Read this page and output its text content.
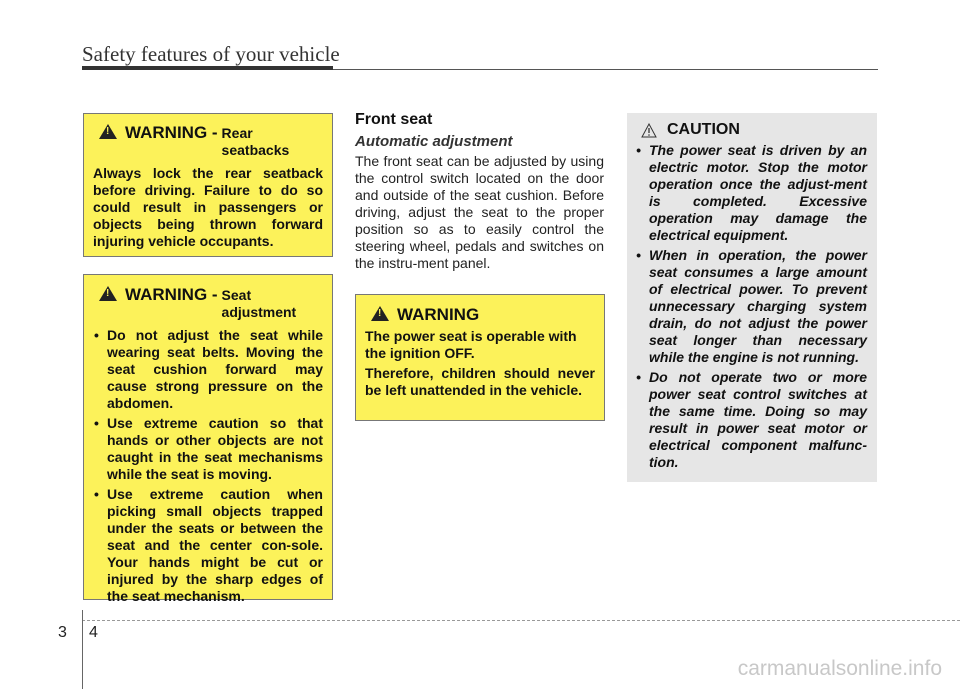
Safety features of your vehicle
!
WARNING - Rear
seatbacks
Always lock the rear seatback before driving. Failure to do so could result in passengers or objects being thrown forward injuring vehicle occupants.
!
WARNING - Seat
adjustment
• Do not adjust the seat while wearing seat belts. Moving the seat cushion forward may cause strong pressure on the abdomen.
• Use extreme caution so that hands or other objects are not caught in the seat mechanisms while the seat is moving.
• Use extreme caution when picking small objects trapped under the seats or between the seat and the center con-sole. Your hands might be cut or injured by the sharp edges of the seat mechanism.
Front seat
Automatic adjustment
The front seat can be adjusted by using the control switch located on the door and outside of the seat cushion. Before driving, adjust the seat to the proper position so as to easily control the steering wheel, pedals and switches on the instru-ment panel.
!
WARNING
The power seat is operable with the ignition OFF.
Therefore, children should never be left unattended in the vehicle.
CAUTION
• The power seat is driven by an electric motor. Stop the motor operation once the adjust-ment is completed. Excessive operation may damage the electrical equipment.
• When in operation, the power seat consumes a large amount of electrical power. To prevent unnecessary charging system drain, do not adjust the power seat longer than necessary while the engine is not running.
• Do not operate two or more power seat control switches at the same time. Doing so may result in power seat motor or electrical component malfunc-tion.
3 4
carmanualsonline.info
